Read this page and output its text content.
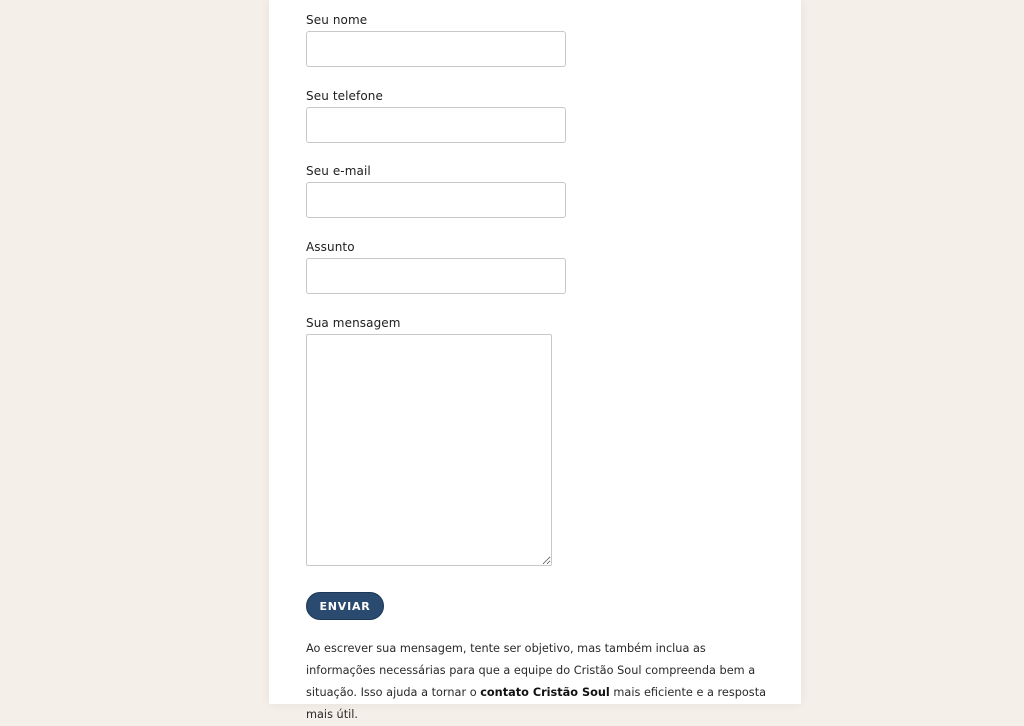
Seu nome
Seu telefone
Seu e-mail
Assunto
Sua mensagem
ENVIAR

Ao escrever sua mensagem, tente ser objetivo, mas também inclua as informações necessárias para que a equipe do Cristão Soul compreenda bem a situação. Isso ajuda a tornar o contato Cristão Soul mais eficiente e a resposta mais útil.
